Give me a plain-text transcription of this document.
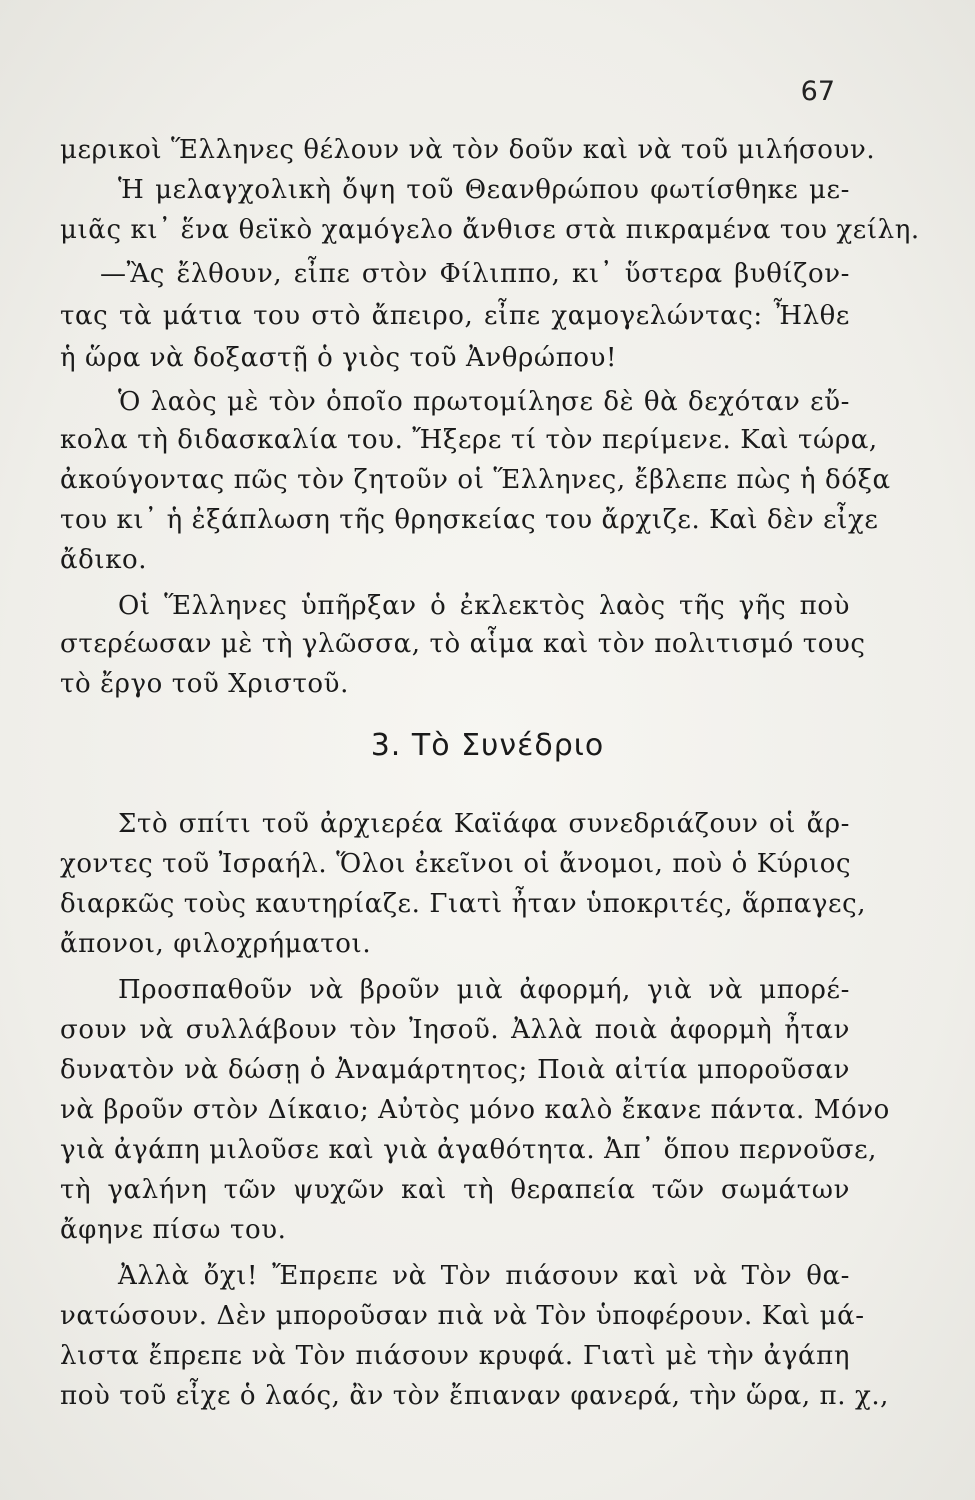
67
μερικοὶ Ἕλληνες θέλουν νὰ τὸν δοῦν καὶ νὰ τοῦ μιλήσουν.
Ἡ μελαγχολικὴ ὄψη τοῦ Θεανθρώπου φωτίσθηκε με-
μιᾶς κι᾽ ἕνα θεϊκὸ χαμόγελο ἄνθισε στὰ πικραμένα του χείλη.
—Ἂς ἔλθουν, εἶπε στὸν Φίλιππο, κι᾽ ὕστερα βυθίζον-
τας τὰ μάτια του στὸ ἄπειρο, εἶπε χαμογελώντας: Ἦλθε
ἡ ὥρα νὰ δοξαστῇ ὁ γιὸς τοῦ Ἀνθρώπου!
Ὁ λαὸς μὲ τὸν ὁποῖο πρωτομίλησε δὲ θὰ δεχόταν εὔ-
κολα τὴ διδασκαλία του. Ἤξερε τί τὸν περίμενε. Καὶ τώρα,
ἀκούγοντας πῶς τὸν ζητοῦν οἱ Ἕλληνες, ἔβλεπε πὼς ἡ δόξα
του κι᾽ ἡ ἐξάπλωση τῆς θρησκείας του ἄρχιζε. Καὶ δὲν εἶχε
ἄδικο.
Οἱ Ἕλληνες ὑπῆρξαν ὁ ἐκλεκτὸς λαὸς τῆς γῆς ποὺ
στερέωσαν μὲ τὴ γλῶσσα, τὸ αἷμα καὶ τὸν πολιτισμό τους
τὸ ἔργο τοῦ Χριστοῦ.
3. Τὸ Συνέδριο
Στὸ σπίτι τοῦ ἀρχιερέα Καϊάφα συνεδριάζουν οἱ ἄρ-
χοντες τοῦ Ἰσραήλ. Ὅλοι ἐκεῖνοι οἱ ἄνομοι, ποὺ ὁ Κύριος
διαρκῶς τοὺς καυτηρίαζε. Γιατὶ ἦταν ὑποκριτές, ἅρπαγες,
ἄπονοι, φιλοχρήματοι.
Προσπαθοῦν νὰ βροῦν μιὰ ἀφορμή, γιὰ νὰ μπορέ-
σουν νὰ συλλάβουν τὸν Ἰησοῦ. Ἀλλὰ ποιὰ ἀφορμὴ ἦταν
δυνατὸν νὰ δώσῃ ὁ Ἀναμάρτητος; Ποιὰ αἰτία μποροῦσαν
νὰ βροῦν στὸν Δίκαιο; Αὐτὸς μόνο καλὸ ἔκανε πάντα. Μόνο
γιὰ ἀγάπη μιλοῦσε καὶ γιὰ ἀγαθότητα. Ἀπ᾽ ὅπου περνοῦσε,
τὴ γαλήνη τῶν ψυχῶν καὶ τὴ θεραπεία τῶν σωμάτων
ἄφηνε πίσω του.
Ἀλλὰ ὄχι! Ἔπρεπε νὰ Τὸν πιάσουν καὶ νὰ Τὸν θα-
νατώσουν. Δὲν μποροῦσαν πιὰ νὰ Τὸν ὑποφέρουν. Καὶ μά-
λιστα ἔπρεπε νὰ Τὸν πιάσουν κρυφά. Γιατὶ μὲ τὴν ἀγάπη
ποὺ τοῦ εἶχε ὁ λαός, ἂν τὸν ἔπιαναν φανερά, τὴν ὥρα, π. χ.,
